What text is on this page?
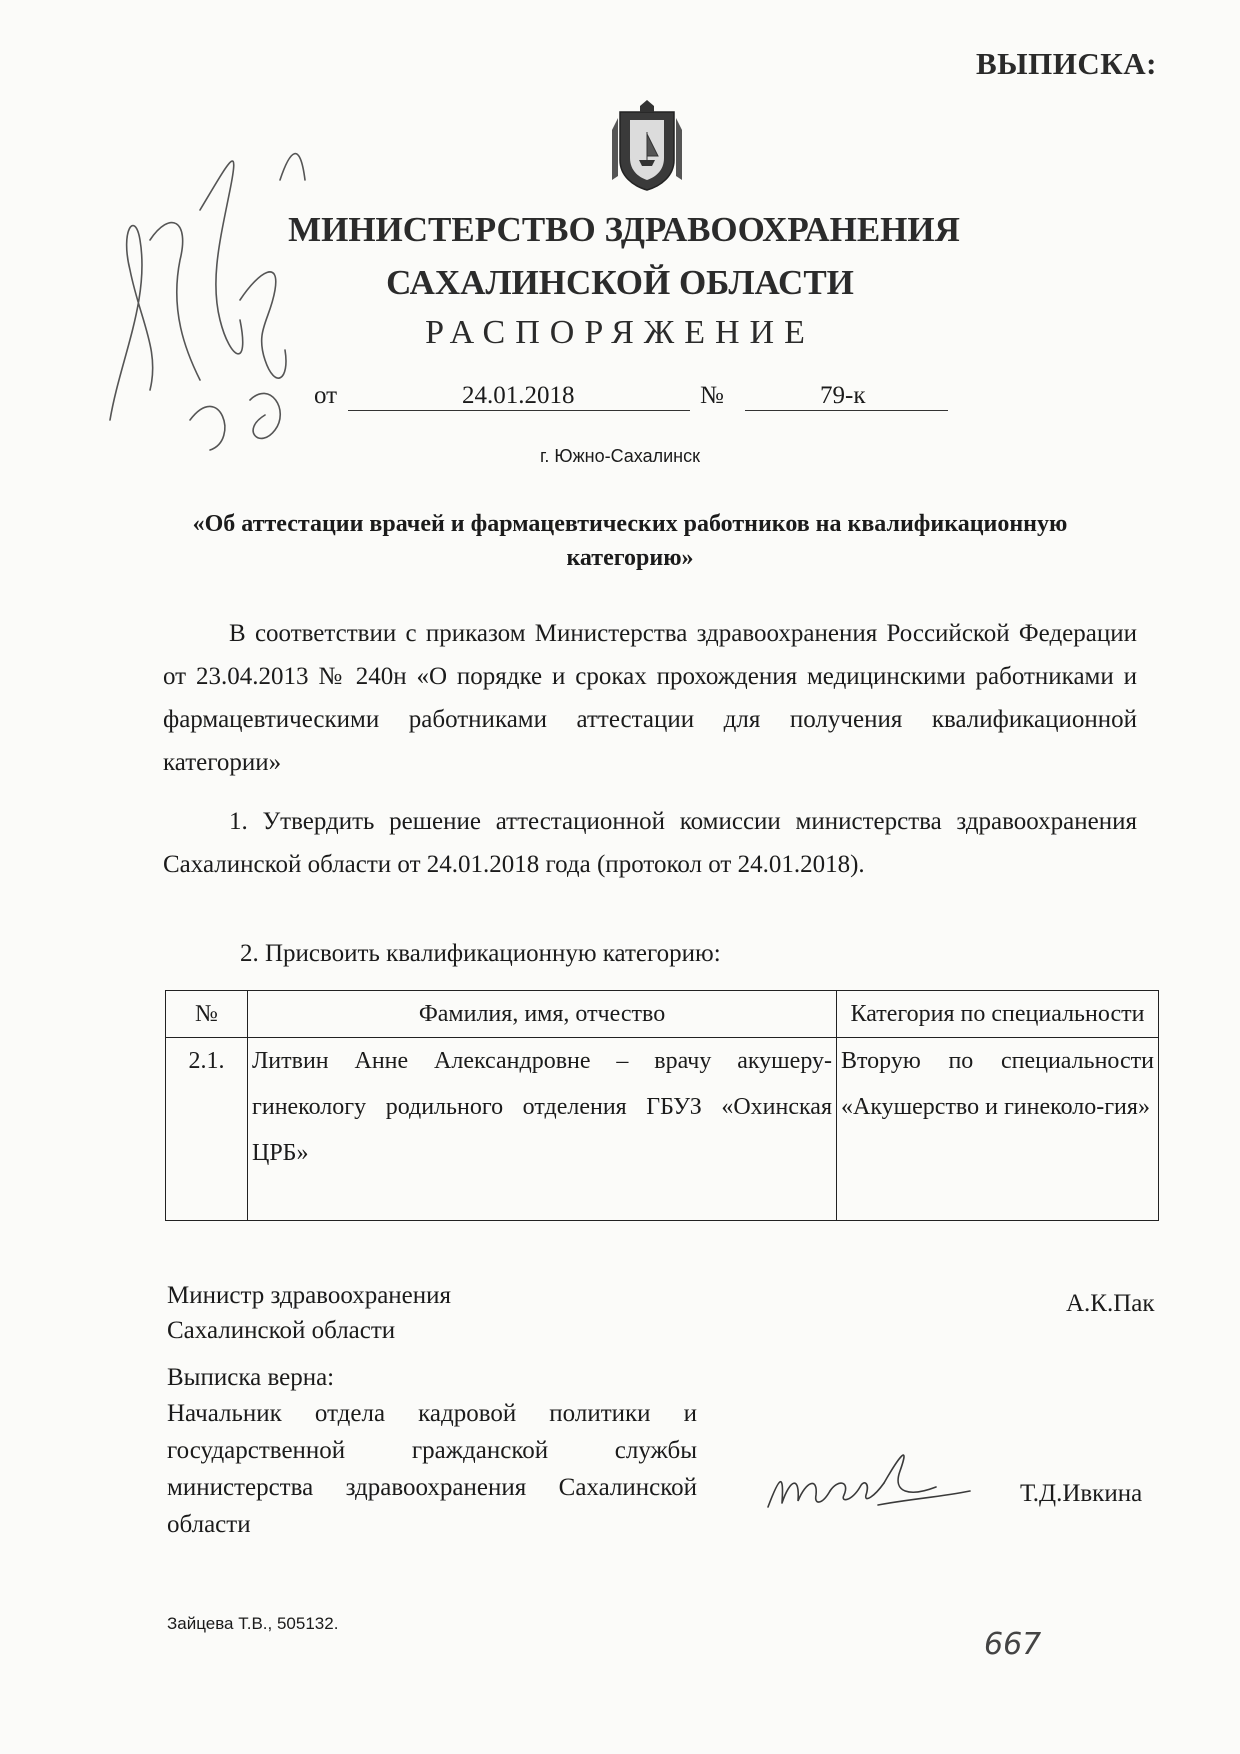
ВЫПИСКА:
МИНИСТЕРСТВО ЗДРАВООХРАНЕНИЯ
САХАЛИНСКОЙ ОБЛАСТИ
РАСПОРЯЖЕНИЕ
от	24.01.2018	№	79-к
г. Южно-Сахалинск
«Об аттестации врачей и фармацевтических работников на квалификационную категорию»
В соответствии с приказом Министерства здравоохранения Российской Федерации от 23.04.2013 № 240н «О порядке и сроках прохождения медицинскими работниками и фармацевтическими работниками аттестации для получения квалификационной категории»
1. Утвердить решение аттестационной комиссии министерства здравоохранения Сахалинской области от 24.01.2018 года (протокол от 24.01.2018).
2. Присвоить квалификационную категорию:
№	Фамилия, имя, отчество	Категория по специальности
2.1.	Литвин Анне Александровне – врачу акушеру-гинекологу родильного отделения ГБУЗ «Охинская ЦРБ»	Вторую по специальности «Акушерство и гинеколо-гия»
Министр здравоохранения
Сахалинской области
А.К.Пак
Выписка верна:
Начальник отдела кадровой политики и государственной гражданской службы министерства здравоохранения Сахалинской области
Т.Д.Ивкина
Зайцева Т.В., 505132.
667
